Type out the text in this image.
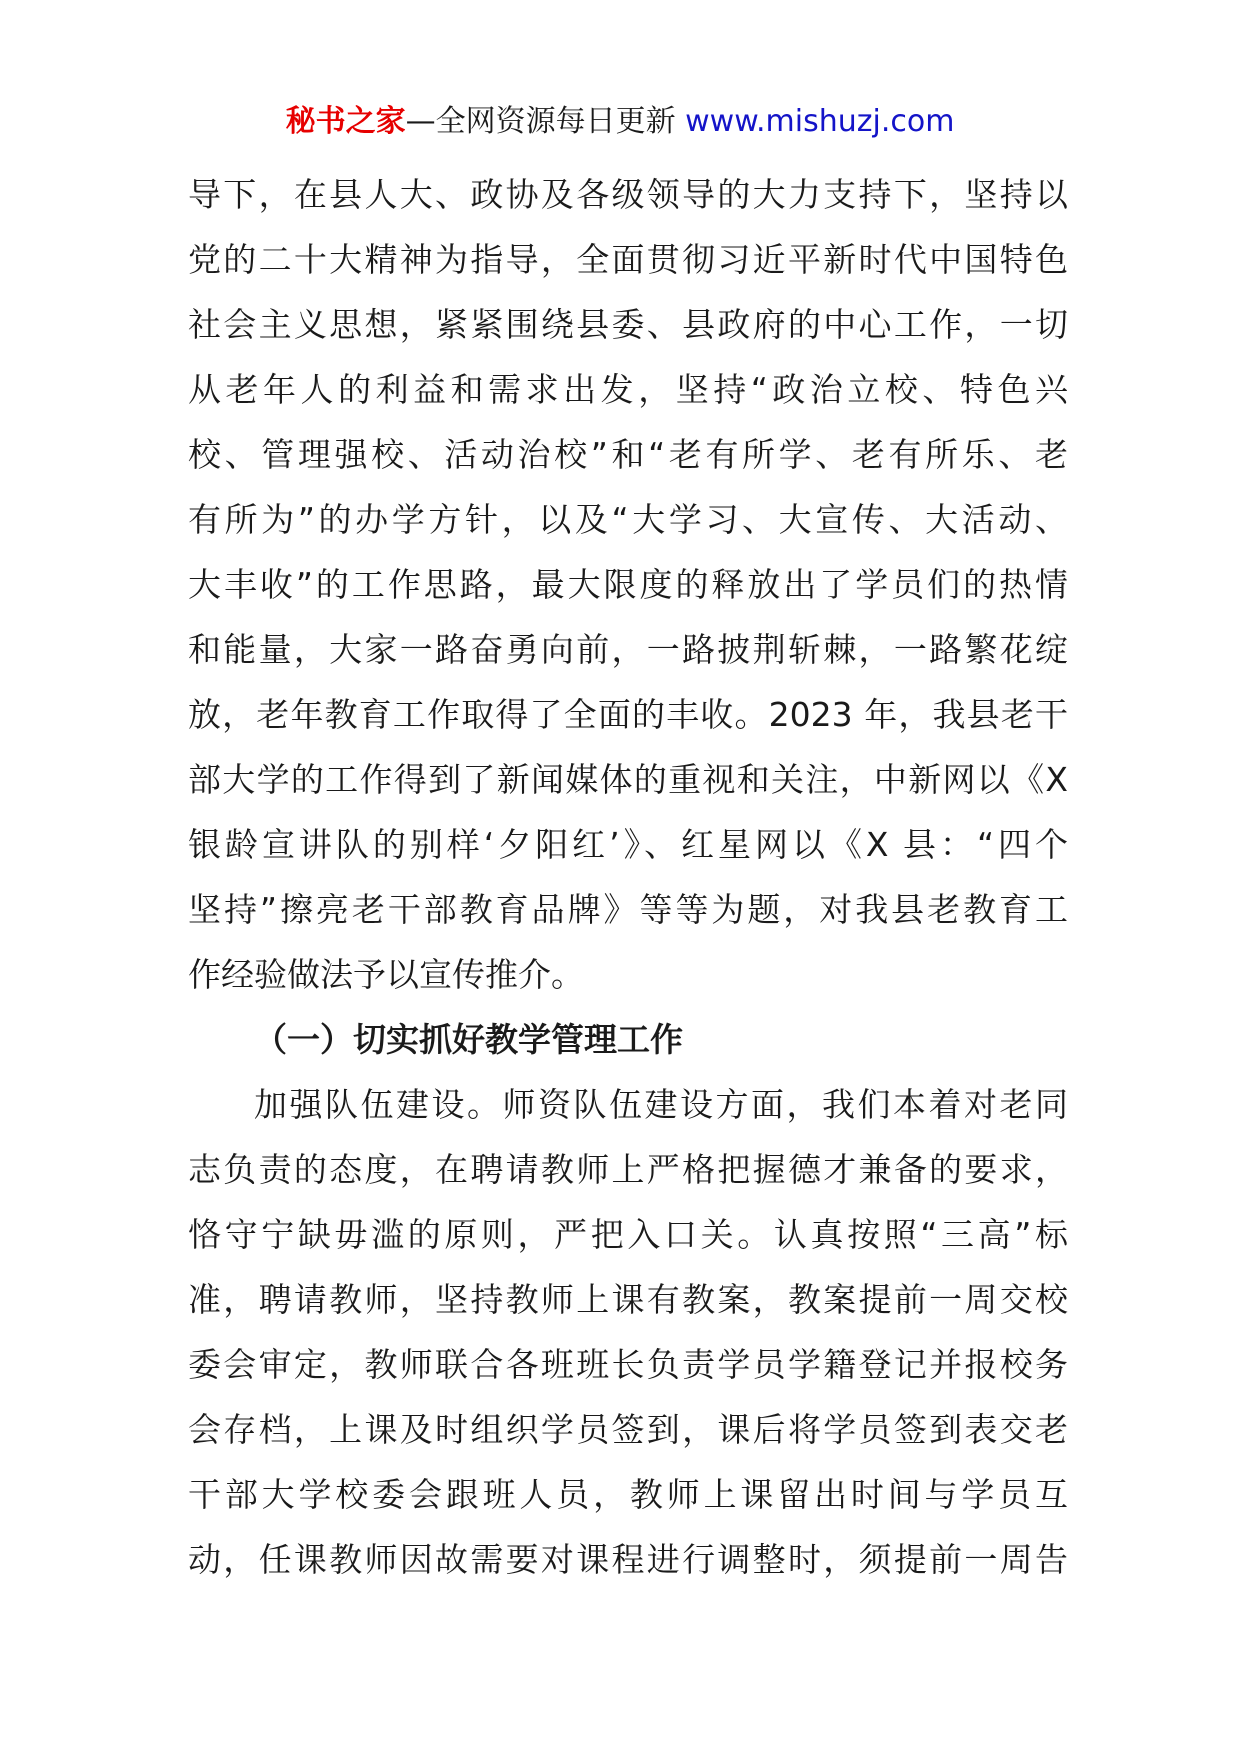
秘书之家—全网资源每日更新 www.mishuzj.com
导下，在县人大、政协及各级领导的大力支持下，坚持以
党的二十大精神为指导，全面贯彻习近平新时代中国特色
社会主义思想，紧紧围绕县委、县政府的中心工作，一切
从老年人的利益和需求出发，坚持“政治立校、特色兴
校、管理强校、活动治校”和“老有所学、老有所乐、老
有所为”的办学方针，以及“大学习、大宣传、大活动、
大丰收”的工作思路，最大限度的释放出了学员们的热情
和能量，大家一路奋勇向前，一路披荆斩棘，一路繁花绽
放，老年教育工作取得了全面的丰收。2023 年，我县老干
部大学的工作得到了新闻媒体的重视和关注，中新网以《X
银龄宣讲队的别样‘夕阳红’》、红星网以《X 县：“四个
坚持”擦亮老干部教育品牌》等等为题，对我县老教育工
作经验做法予以宣传推介。
（一）切实抓好教学管理工作
加强队伍建设。师资队伍建设方面，我们本着对老同
志负责的态度，在聘请教师上严格把握德才兼备的要求，
恪守宁缺毋滥的原则，严把入口关。认真按照“三高”标
准，聘请教师，坚持教师上课有教案，教案提前一周交校
委会审定，教师联合各班班长负责学员学籍登记并报校务
会存档，上课及时组织学员签到，课后将学员签到表交老
干部大学校委会跟班人员，教师上课留出时间与学员互
动，任课教师因故需要对课程进行调整时，须提前一周告
